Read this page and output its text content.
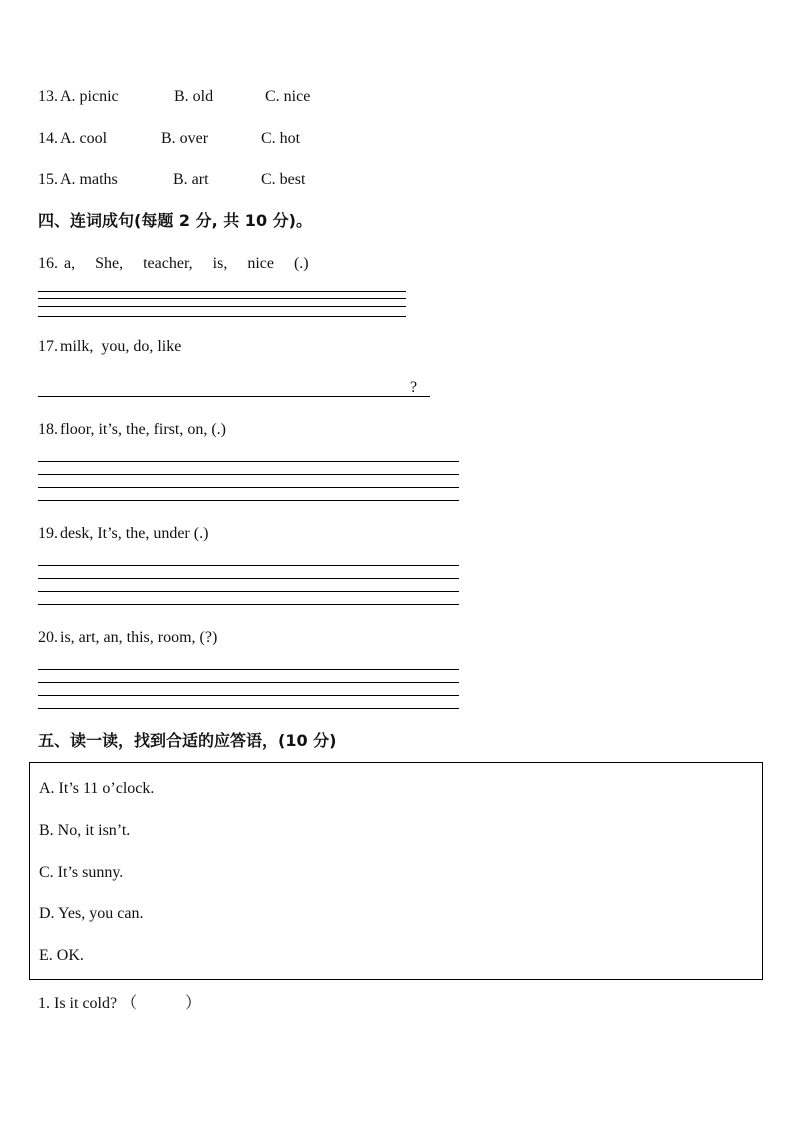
13. A. picnic	B. old	C. nice
14. A. cool	B. over	C. hot
15. A. maths	B. art	C. best
四、连词成句(每题 2 分, 共 10 分)。
16. a,     She,     teacher,     is,     nice     (.)
17. milk,  you, do, like
?
18. floor, it’s, the, first, on, (.)
19. desk, It’s, the, under (.)
20. is, art, an, this, room, (?)
五、读一读，找到合适的应答语，(10 分)
A. It’s 11 o’clock.
B. No, it isn’t.
C. It’s sunny.
D. Yes, you can.
E. OK.
1. Is it cold? （            ）
